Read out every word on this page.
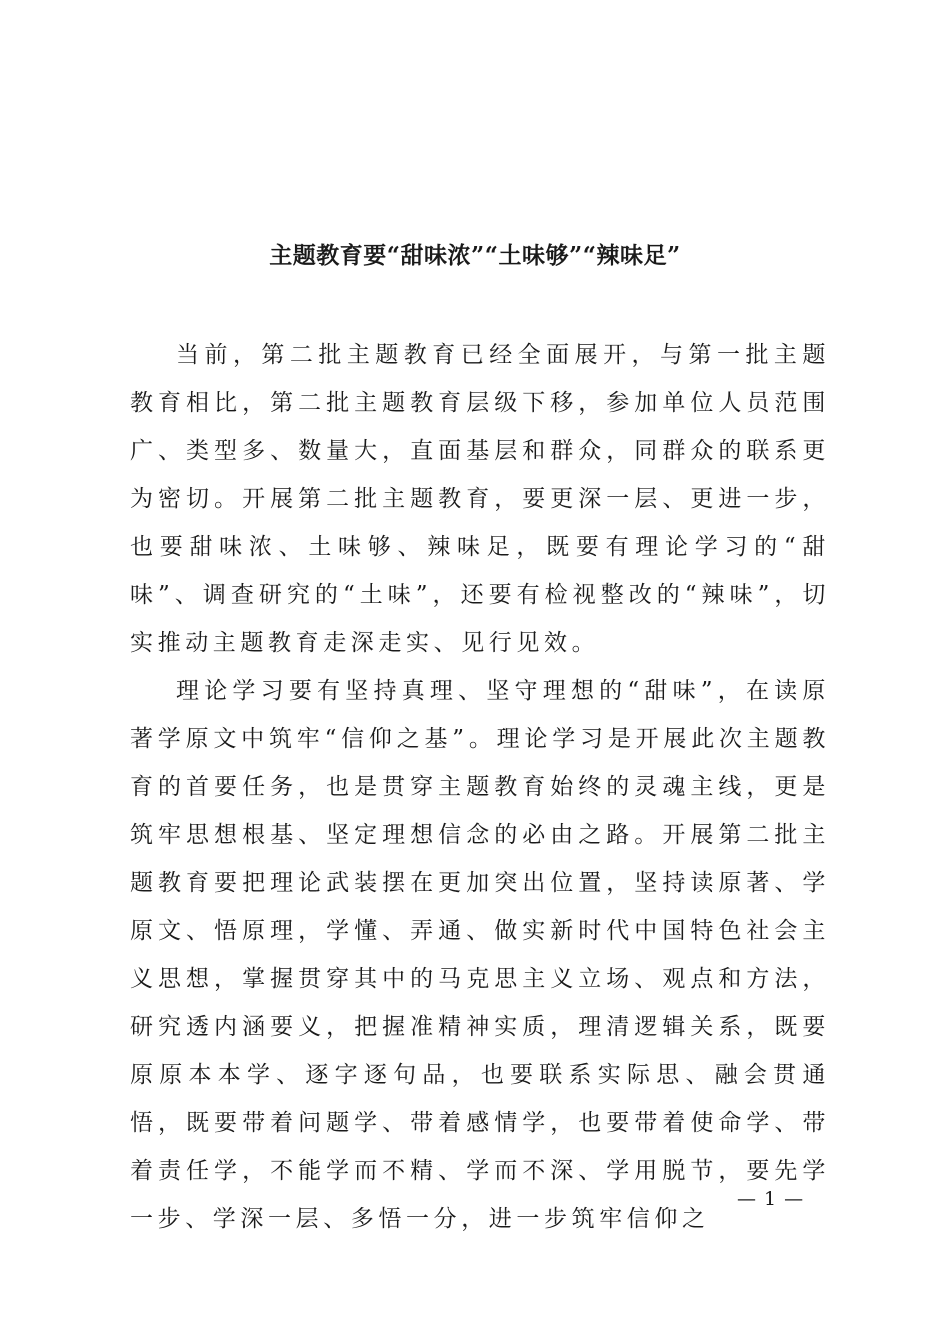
主题教育要“甜味浓”“土味够”“辣味足”

当前，第二批主题教育已经全面展开，与第一批主题教育相比，第二批主题教育层级下移，参加单位人员范围广、类型多、数量大，直面基层和群众，同群众的联系更为密切。开展第二批主题教育，要更深一层、更进一步，也要甜味浓、土味够、辣味足，既要有理论学习的“甜味”、调查研究的“土味”，还要有检视整改的“辣味”，切实推动主题教育走深走实、见行见效。

理论学习要有坚持真理、坚守理想的“甜味”，在读原著学原文中筑牢“信仰之基”。理论学习是开展此次主题教育的首要任务，也是贯穿主题教育始终的灵魂主线，更是筑牢思想根基、坚定理想信念的必由之路。开展第二批主题教育要把理论武装摆在更加突出位置，坚持读原著、学原文、悟原理，学懂、弄通、做实新时代中国特色社会主义思想，掌握贯穿其中的马克思主义立场、观点和方法，研究透内涵要义，把握准精神实质，理清逻辑关系，既要原原本本学、逐字逐句品，也要联系实际思、融会贯通悟，既要带着问题学、带着感情学，也要带着使命学、带着责任学，不能学而不精、学而不深、学用脱节，要先学一步、学深一层、多悟一分，进一步筑牢信仰之

— 1 —
